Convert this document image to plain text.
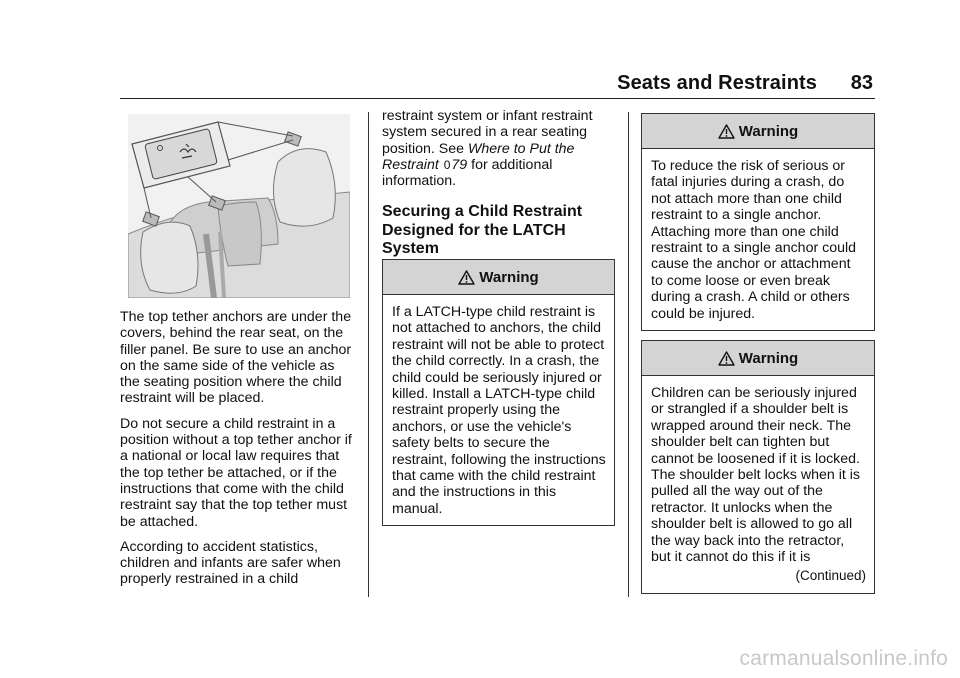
Seats and Restraints 83

The top tether anchors are under the covers, behind the rear seat, on the filler panel. Be sure to use an anchor on the same side of the vehicle as the seating position where the child restraint will be placed.

Do not secure a child restraint in a position without a top tether anchor if a national or local law requires that the top tether be attached, or if the instructions that come with the child restraint say that the top tether must be attached.

According to accident statistics, children and infants are safer when properly restrained in a child

restraint system or infant restraint system secured in a rear seating position. See Where to Put the Restraint 079 for additional information.

Securing a Child Restraint Designed for the LATCH System
Warning
If a LATCH-type child restraint is not attached to anchors, the child restraint will not be able to protect the child correctly. In a crash, the child could be seriously injured or killed. Install a LATCH-type child restraint properly using the anchors, or use the vehicle's safety belts to secure the restraint, following the instructions that came with the child restraint and the instructions in this manual.
Warning
To reduce the risk of serious or fatal injuries during a crash, do not attach more than one child restraint to a single anchor. Attaching more than one child restraint to a single anchor could cause the anchor or attachment to come loose or even break during a crash. A child or others could be injured.
Warning
Children can be seriously injured or strangled if a shoulder belt is wrapped around their neck. The shoulder belt can tighten but cannot be loosened if it is locked. The shoulder belt locks when it is pulled all the way out of the retractor. It unlocks when the shoulder belt is allowed to go all the way back into the retractor, but it cannot do this if it is
(Continued)
carmanualsonline.info
